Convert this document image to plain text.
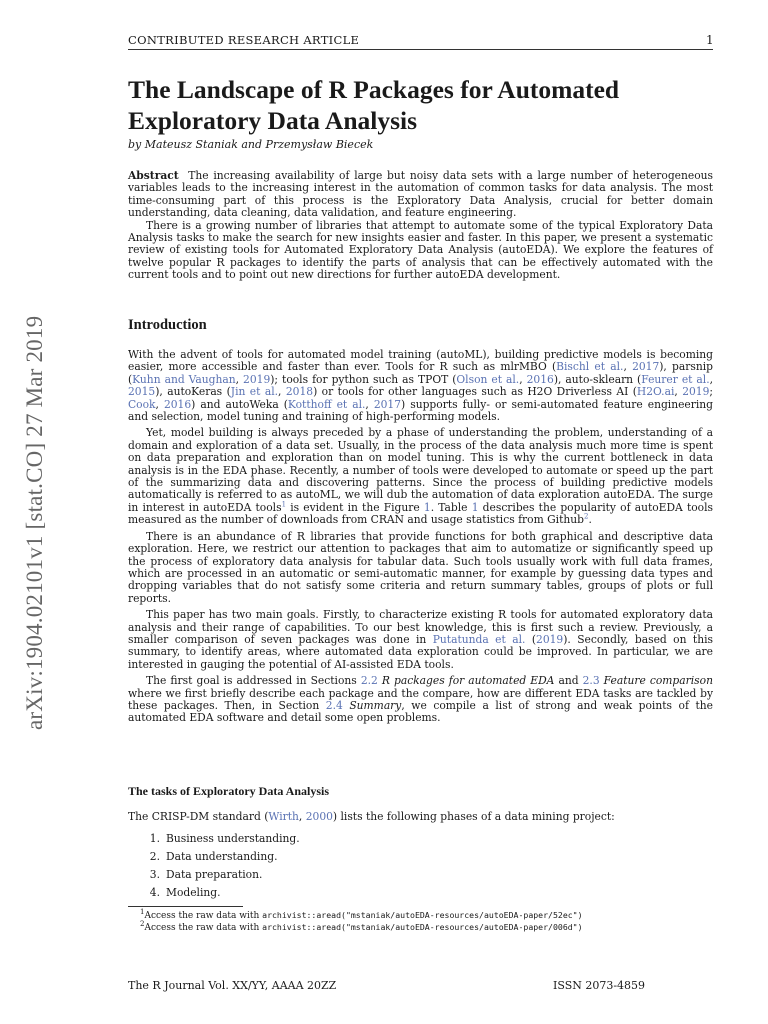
CONTRIBUTED RESEARCH ARTICLE	1
arXiv:1904.02101v1 [stat.CO] 27 Mar 2019
The Landscape of R Packages for Automated Exploratory Data Analysis
by Mateusz Staniak and Przemysław Biecek

Abstract The increasing availability of large but noisy data sets with a large number of heterogeneous variables leads to the increasing interest in the automation of common tasks for data analysis. The most time-consuming part of this process is the Exploratory Data Analysis, crucial for better domain understanding, data cleaning, data validation, and feature engineering.

There is a growing number of libraries that attempt to automate some of the typical Exploratory Data Analysis tasks to make the search for new insights easier and faster. In this paper, we present a systematic review of existing tools for Automated Exploratory Data Analysis (autoEDA). We explore the features of twelve popular R packages to identify the parts of analysis that can be effectively automated with the current tools and to point out new directions for further autoEDA development.

Introduction

With the advent of tools for automated model training (autoML), building predictive models is becoming easier, more accessible and faster than ever. Tools for R such as mlrMBO (Bischl et al., 2017), parsnip (Kuhn and Vaughan, 2019); tools for python such as TPOT (Olson et al., 2016), auto-sklearn (Feurer et al., 2015), autoKeras (Jin et al., 2018) or tools for other languages such as H2O Driverless AI (H2O.ai, 2019; Cook, 2016) and autoWeka (Kotthoff et al., 2017) supports fully- or semi-automated feature engineering and selection, model tuning and training of high-performing models.

Yet, model building is always preceded by a phase of understanding the problem, understanding of a domain and exploration of a data set. Usually, in the process of the data analysis much more time is spent on data preparation and exploration than on model tuning. This is why the current bottleneck in data analysis is in the EDA phase. Recently, a number of tools were developed to automate or speed up the part of the summarizing data and discovering patterns. Since the process of building predictive models automatically is referred to as autoML, we will dub the automation of data exploration autoEDA. The surge in interest in autoEDA tools$^1$ is evident in the Figure 1. Table 1 describes the popularity of autoEDA tools measured as the number of downloads from CRAN and usage statistics from Github$^2$.

There is an abundance of R libraries that provide functions for both graphical and descriptive data exploration. Here, we restrict our attention to packages that aim to automatize or significantly speed up the process of exploratory data analysis for tabular data. Such tools usually work with full data frames, which are processed in an automatic or semi-automatic manner, for example by guessing data types and dropping variables that do not satisfy some criteria and return summary tables, groups of plots or full reports.

This paper has two main goals. Firstly, to characterize existing R tools for automated exploratory data analysis and their range of capabilities. To our best knowledge, this is first such a review. Previously, a smaller comparison of seven packages was done in Putatunda et al. (2019). Secondly, based on this summary, to identify areas, where automated data exploration could be improved. In particular, we are interested in gauging the potential of AI-assisted EDA tools.

The first goal is addressed in Sections 2.2 R packages for automated EDA and 2.3 Feature comparison where we first briefly describe each package and the compare, how are different EDA tasks are tackled by these packages. Then, in Section 2.4 Summary, we compile a list of strong and weak points of the automated EDA software and detail some open problems.

The tasks of Exploratory Data Analysis
The CRISP-DM standard (Wirth, 2000) lists the following phases of a data mining project:
1. Business understanding.
2. Data understanding.
3. Data preparation.
4. Modeling.
$^1$Access the raw data with archivist::aread("mstaniak/autoEDA-resources/autoEDA-paper/52ec")
$^2$Access the raw data with archivist::aread("mstaniak/autoEDA-resources/autoEDA-paper/006d")
The R Journal Vol. XX/YY, AAAA 20ZZ	ISSN 2073-4859
